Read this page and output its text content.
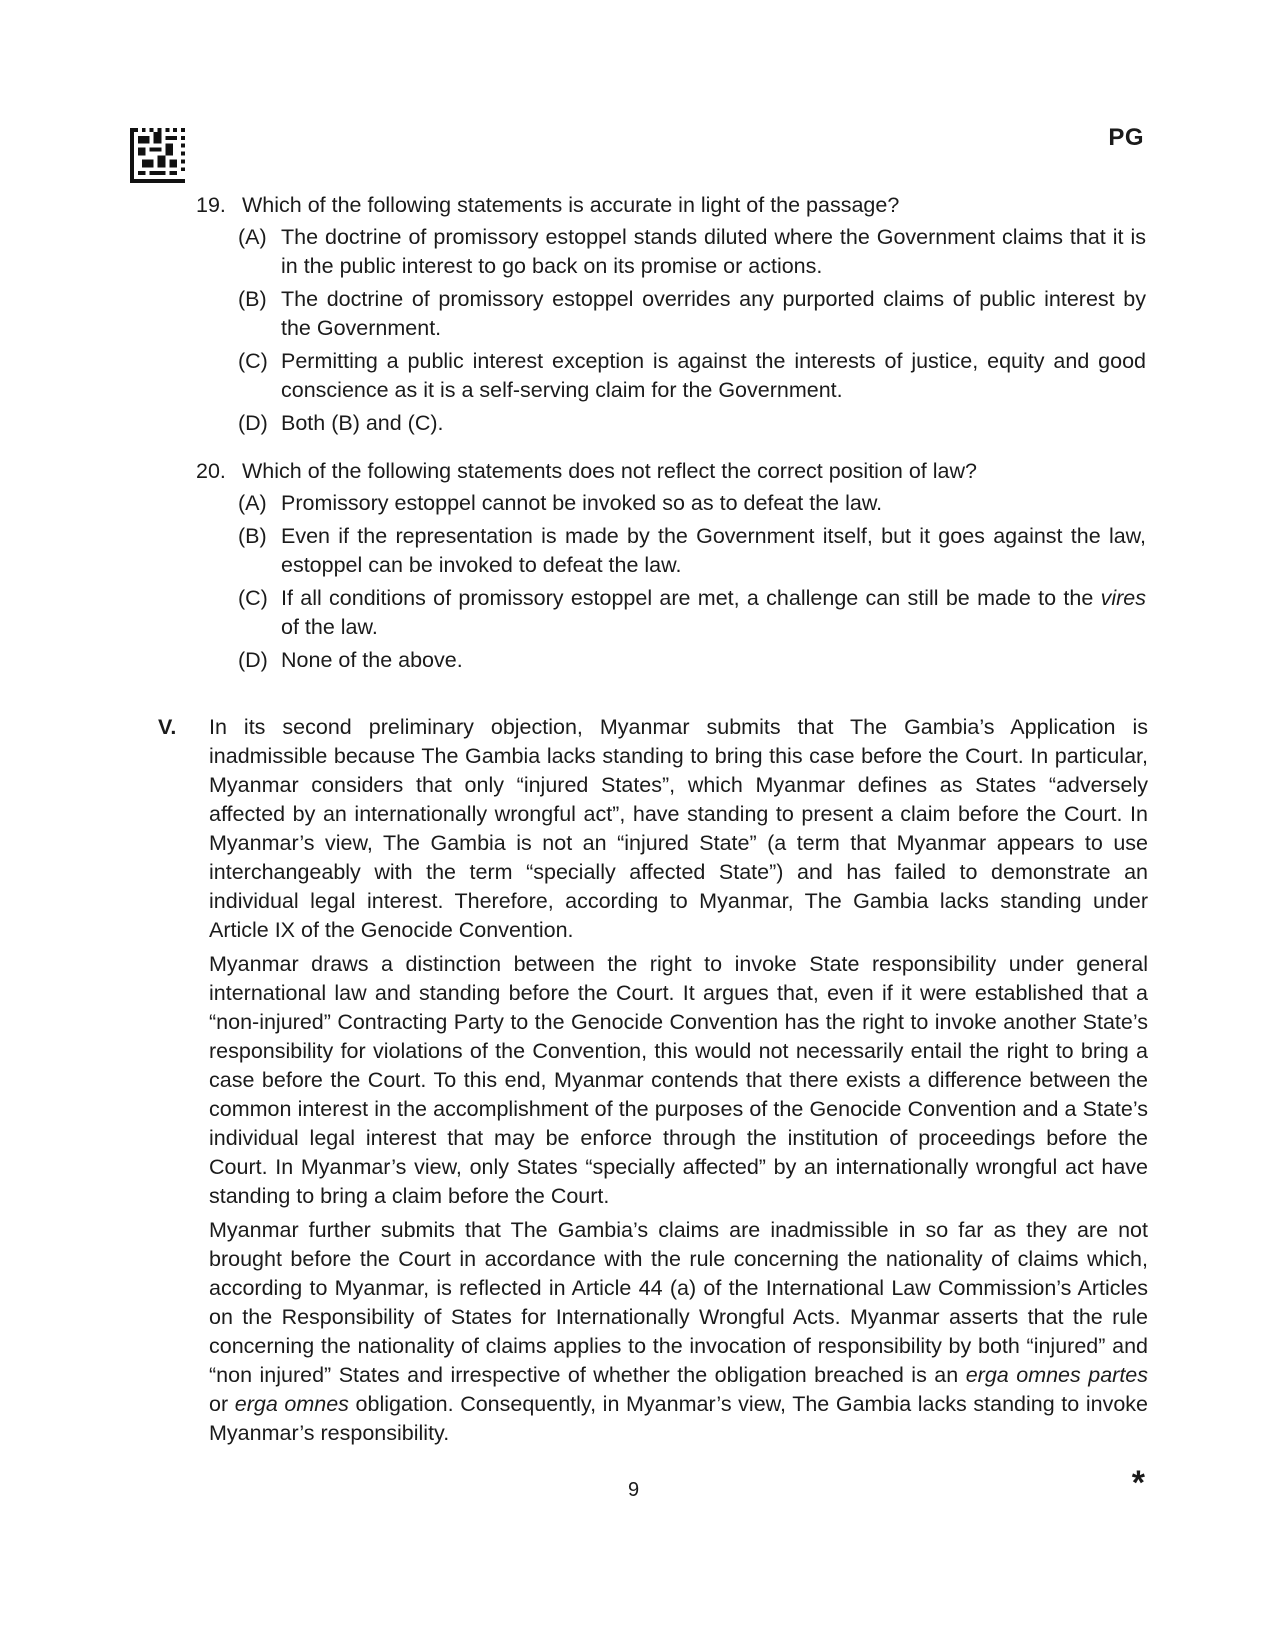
PG
19. Which of the following statements is accurate in light of the passage?
(A) The doctrine of promissory estoppel stands diluted where the Government claims that it is in the public interest to go back on its promise or actions.
(B) The doctrine of promissory estoppel overrides any purported claims of public interest by the Government.
(C) Permitting a public interest exception is against the interests of justice, equity and good conscience as it is a self-serving claim for the Government.
(D) Both (B) and (C).
20. Which of the following statements does not reflect the correct position of law?
(A) Promissory estoppel cannot be invoked so as to defeat the law.
(B) Even if the representation is made by the Government itself, but it goes against the law, estoppel can be invoked to defeat the law.
(C) If all conditions of promissory estoppel are met, a challenge can still be made to the vires of the law.
(D) None of the above.
V. In its second preliminary objection, Myanmar submits that The Gambia’s Application is inadmissible because The Gambia lacks standing to bring this case before the Court. In particular, Myanmar considers that only “injured States”, which Myanmar defines as States “adversely affected by an internationally wrongful act”, have standing to present a claim before the Court. In Myanmar’s view, The Gambia is not an “injured State” (a term that Myanmar appears to use interchangeably with the term “specially affected State”) and has failed to demonstrate an individual legal interest. Therefore, according to Myanmar, The Gambia lacks standing under Article IX of the Genocide Convention.

Myanmar draws a distinction between the right to invoke State responsibility under general international law and standing before the Court. It argues that, even if it were established that a “non-injured” Contracting Party to the Genocide Convention has the right to invoke another State’s responsibility for violations of the Convention, this would not necessarily entail the right to bring a case before the Court. To this end, Myanmar contends that there exists a difference between the common interest in the accomplishment of the purposes of the Genocide Convention and a State’s individual legal interest that may be enforce through the institution of proceedings before the Court. In Myanmar’s view, only States “specially affected” by an internationally wrongful act have standing to bring a claim before the Court.

Myanmar further submits that The Gambia’s claims are inadmissible in so far as they are not brought before the Court in accordance with the rule concerning the nationality of claims which, according to Myanmar, is reflected in Article 44 (a) of the International Law Commission’s Articles on the Responsibility of States for Internationally Wrongful Acts. Myanmar asserts that the rule concerning the nationality of claims applies to the invocation of responsibility by both “injured” and “non injured” States and irrespective of whether the obligation breached is an erga omnes partes or erga omnes obligation. Consequently, in Myanmar’s view, The Gambia lacks standing to invoke Myanmar’s responsibility.

9	*
